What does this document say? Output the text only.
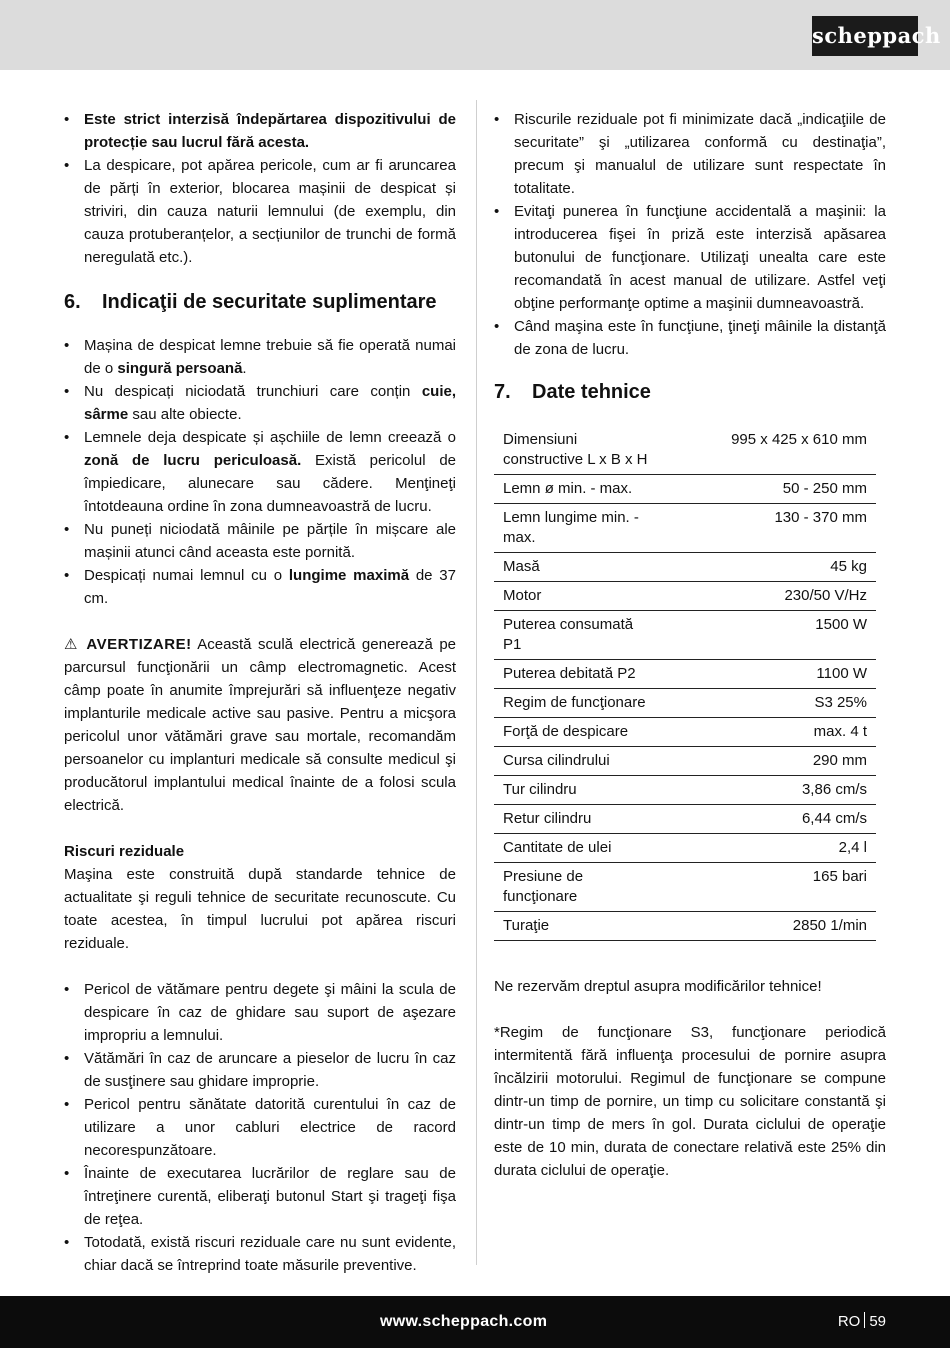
scheppach
• Este strict interzisă îndepărtarea dispozitivului de protecție sau lucrul fără acesta.
• La despicare, pot apărea pericole, cum ar fi aruncarea de părți în exterior, blocarea mașinii de despicat și striviri, din cauza naturii lemnului (de exemplu, din cauza protuberanțelor, a secțiunilor de trunchi de formă neregulată etc.).
6.	Indicaţii de securitate suplimentare
• Mașina de despicat lemne trebuie să fie operată numai de o singură persoană.
• Nu despicați niciodată trunchiuri care conțin cuie, sârme sau alte obiecte.
• Lemnele deja despicate și așchiile de lemn creează o zonă de lucru periculoasă. Există pericolul de împiedicare, alunecare sau cădere. Menţineţi întotdeauna ordine în zona dumneavoastră de lucru.
• Nu puneți niciodată mâinile pe părțile în mișcare ale mașinii atunci când aceasta este pornită.
• Despicați numai lemnul cu o lungime maximă de 37 cm.

⚠ AVERTIZARE! Această sculă electrică generează pe parcursul funcţionării un câmp electromagnetic. Acest câmp poate în anumite împrejurări să influenţeze negativ implanturile medicale active sau pasive. Pentru a micşora pericolul unor vătămări grave sau mortale, recomandăm persoanelor cu implanturi medicale să consulte medicul şi producătorul implantului medical înainte de a folosi scula electrică.

Riscuri reziduale

Maşina este construită după standarde tehnice de actualitate şi reguli tehnice de securitate recunoscute. Cu toate acestea, în timpul lucrului pot apărea riscuri reziduale.

• Pericol de vătămare pentru degete şi mâini la scula de despicare în caz de ghidare sau suport de aşezare impropriu a lemnului.
• Vătămări în caz de aruncare a pieselor de lucru în caz de susţinere sau ghidare improprie.
• Pericol pentru sănătate datorită curentului în caz de utilizare a unor cabluri electrice de racord necorespunzătoare.
• Înainte de executarea lucrărilor de reglare sau de întreţinere curentă, eliberaţi butonul Start şi trageţi fişa de reţea.
• Totodată, există riscuri reziduale care nu sunt evidente, chiar dacă se întreprind toate măsurile preventive.
• Riscurile reziduale pot fi minimizate dacă „indicaţiile de securitate” şi „utilizarea conformă cu destinaţia”, precum şi manualul de utilizare sunt respectate în totalitate.
• Evitaţi punerea în funcţiune accidentală a maşinii: la introducerea fişei în priză este interzisă apăsarea butonului de funcţionare. Utilizaţi unealta care este recomandată în acest manual de utilizare. Astfel veţi obţine performanţe optime a maşinii dumneavoastră.
• Când maşina este în funcţiune, ţineţi mâinile la distanţă de zona de lucru.
7.	Date tehnice
Dimensiuni constructive L x B x H	995 x 425 x 610 mm
Lemn ø min. - max.	50 - 250 mm
Lemn lungime min. - max.	130 - 370 mm
Masă	45 kg
Motor	230/50 V/Hz
Puterea consumată P1	1500 W
Puterea debitată P2	1100 W
Regim de funcţionare	S3 25%
Forţă de despicare	max. 4 t
Cursa cilindrului	290 mm
Tur cilindru	3,86 cm/s
Retur cilindru	6,44 cm/s
Cantitate de ulei	2,4 l
Presiune de funcţionare	165 bari
Turaţie	2850 1/min

Ne rezervăm dreptul asupra modificărilor tehnice!

*Regim de funcţionare S3, funcţionare periodică intermitentă fără influenţa procesului de pornire asupra încălzirii motorului. Regimul de funcţionare se compune dintr-un timp de pornire, un timp cu solicitare constantă şi dintr-un timp de mers în gol. Durata ciclului de operaţie este de 10 min, durata de conectare relativă este 25% din durata ciclului de operaţie.

www.scheppach.com	RO 59
